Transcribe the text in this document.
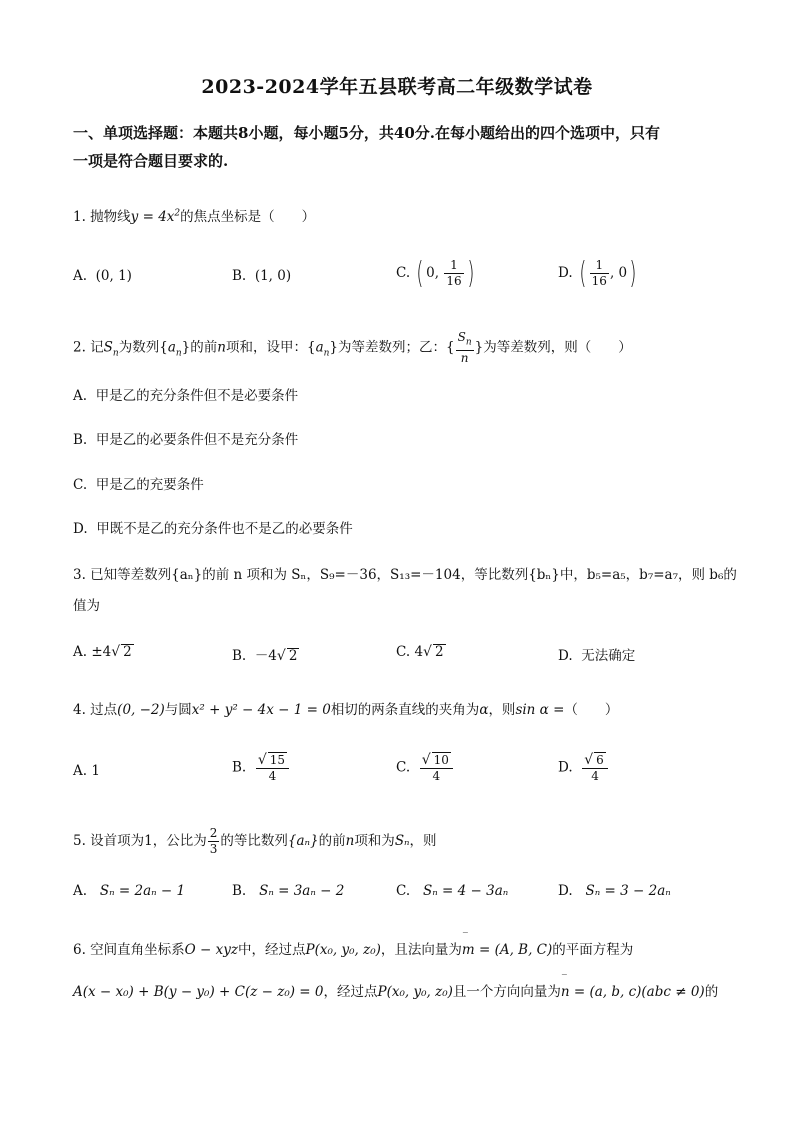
2023-2024学年五县联考高二年级数学试卷
一、单项选择题：本题共8小题，每小题5分，共40分.在每小题给出的四个选项中，只有
一项是符合题目要求的.
1. 抛物线$y = 4x^2$的焦点坐标是（　　）
A. (0, 1)	B. (1, 0)	C. ( 0, $\frac{1}{16}$ )	D. ( $\frac{1}{16}$ , 0)
2. 记$S_n$为数列$\{a_n\}$的前n项和，设甲：$\{a_n\}$为等差数列；乙：{ $\frac{S_n}{n}$ }为等差数列，则（　　）
A. 甲是乙的充分条件但不是必要条件
B. 甲是乙的必要条件但不是充分条件
C. 甲是乙的充要条件
D. 甲既不是乙的充分条件也不是乙的必要条件
3. 已知等差数列{aₙ}的前 n 项和为 Sₙ，S₉=－36，S₁₃=－104，等比数列{bₙ}中，b₅=a₅，b₇=a₇，则 b₆的
值为
A. ±4√ 2	B. －4√ 2	C. 4√ 2	D. 无法确定
4. 过点(0, −2)与圆x² + y² − 4x − 1 = 0相切的两条直线的夹角为α，则sin α =（　　）
A. 1	B. $\frac{√ 15}{4}$	C. $\frac{√ 10}{4}$	D. $\frac{√ 6}{4}$
5. 设首项为1，公比为 $\frac{2}{3}$ 的等比数列{aₙ}的前n项和为Sₙ，则
A. Sₙ = 2aₙ − 1	B. Sₙ = 3aₙ − 2	C. Sₙ = 4 − 3aₙ	D. Sₙ = 3 − 2aₙ
6. 空间直角坐标系O − xyz中，经过点P(x₀, y₀, z₀)，且法向量为‾ m = (A, B, C)的平面方程为
A(x − x₀) + B(y − y₀) + C(z − z₀) = 0，经过点P(x₀, y₀, z₀)且一个方向向量为‾ n = (a, b, c)(abc ≠ 0)的
